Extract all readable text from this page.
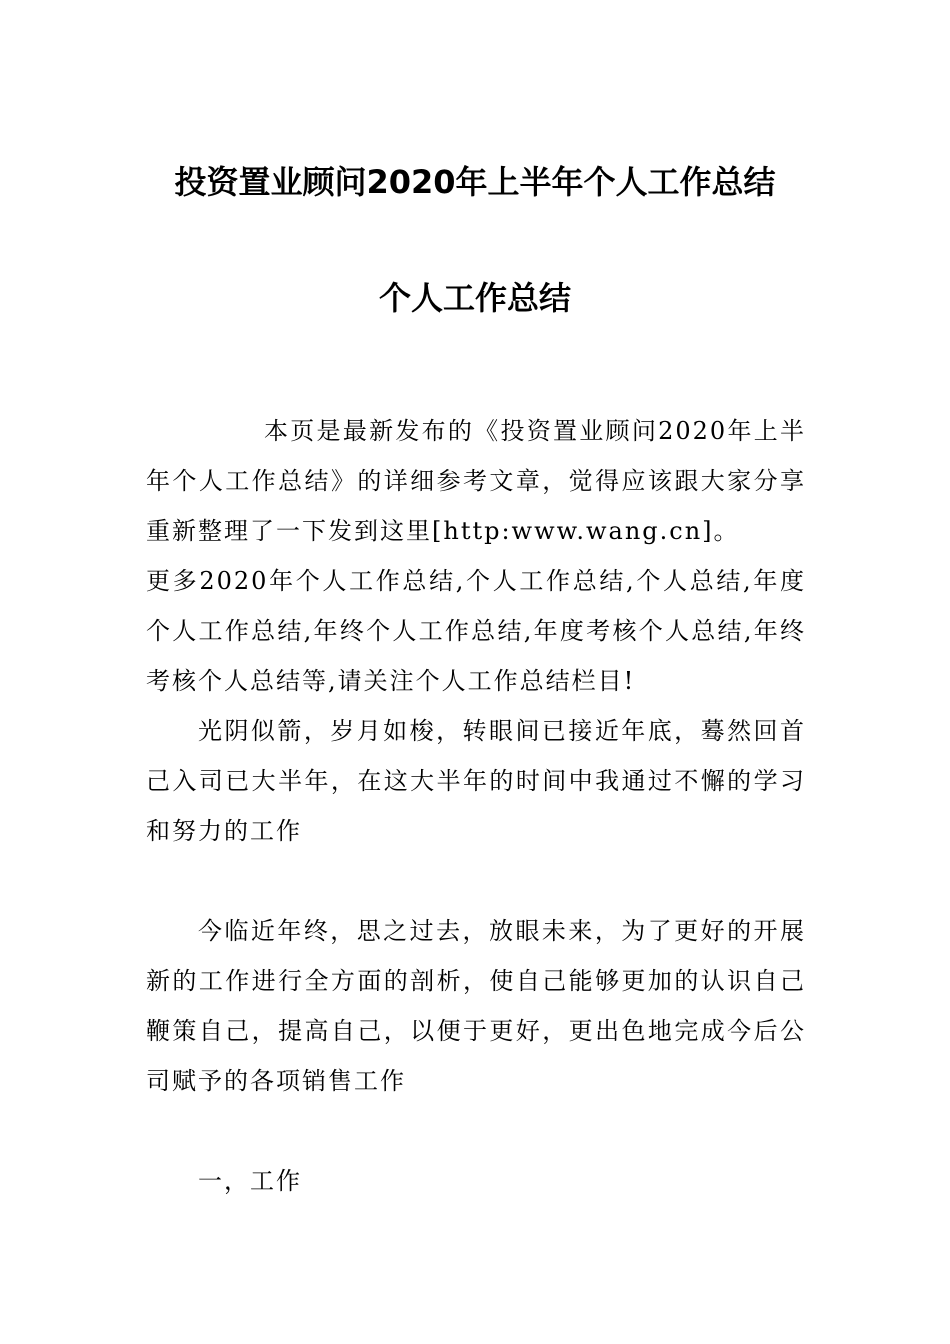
投资置业顾问2020年上半年个人工作总结
个人工作总结

本页是最新发布的《投资置业顾问2020年上半年个人工作总结》的详细参考文章，觉得应该跟大家分享重新整理了一下发到这里[http:www.wang.cn]。

更多2020年个人工作总结,个人工作总结,个人总结,年度个人工作总结,年终个人工作总结,年度考核个人总结,年终考核个人总结等,请关注个人工作总结栏目!

光阴似箭，岁月如梭，转眼间已接近年底，蓦然回首己入司已大半年，在这大半年的时间中我通过不懈的学习和努力的工作

今临近年终，思之过去，放眼未来，为了更好的开展新的工作进行全方面的剖析，使自己能够更加的认识自己鞭策自己，提高自己，以便于更好，更出色地完成今后公司赋予的各项销售工作

一，工作
